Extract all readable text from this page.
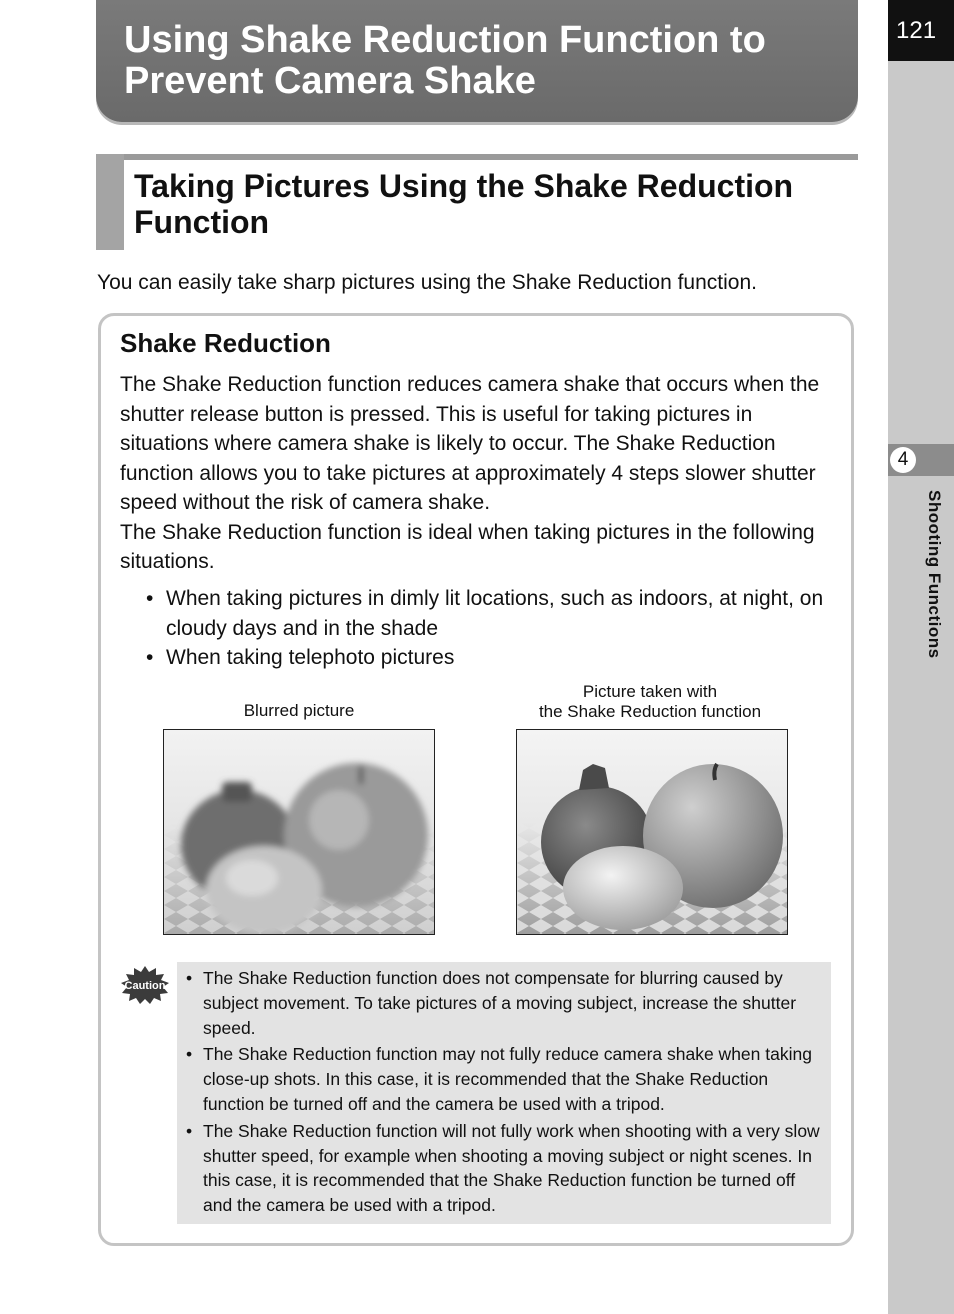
121
4
Shooting Functions
Using Shake Reduction Function to Prevent Camera Shake
Taking Pictures Using the Shake Reduction Function
You can easily take sharp pictures using the Shake Reduction function.
Shake Reduction

The Shake Reduction function reduces camera shake that occurs when the shutter release button is pressed. This is useful for taking pictures in situations where camera shake is likely to occur. The Shake Reduction function allows you to take pictures at approximately 4 steps slower shutter speed without the risk of camera shake.

The Shake Reduction function is ideal when taking pictures in the following situations.

• When taking pictures in dimly lit locations, such as indoors, at night, on cloudy days and in the shade
• When taking telephoto pictures
Blurred picture
Picture taken with
the Shake Reduction function
Caution
•	The Shake Reduction function does not compensate for blurring caused by subject movement. To take pictures of a moving subject, increase the shutter speed.
• The Shake Reduction function may not fully reduce camera shake when taking close-up shots. In this case, it is recommended that the Shake Reduction function be turned off and the camera be used with a tripod.
• The Shake Reduction function will not fully work when shooting with a very slow shutter speed, for example when shooting a moving subject or night scenes. In this case, it is recommended that the Shake Reduction function be turned off and the camera be used with a tripod.
